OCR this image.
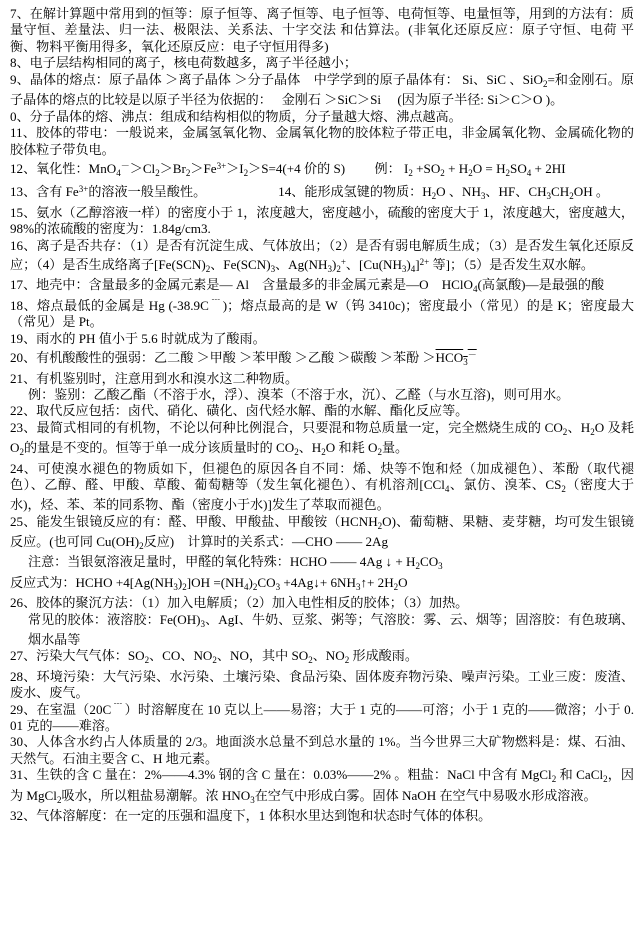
7、在解计算题中常用到的恒等：原子恒等、离子恒等、电子恒等、电荷恒等、电量恒等，用到的方法有：质量守恒、差量法、归一法、极限法、关系法、十字交法 和估算法。(非氧化还原反应：原子守恒、电荷 平衡、物料平衡用得多，氧化还原反应：电子守恒用得多)

8、电子层结构相同的离子，核电荷数越多，离子半径越小；

9、晶体的熔点：原子晶体 ＞离子晶体 ＞分子晶体　中学学到的原子晶体有： Si、SiC 、SiO$_2$=和金刚石。原子晶体的熔点的比较是以原子半径为依据的：　 金刚石 ＞SiC＞Si 　(因为原子半径: Si＞C＞O )。

0、分子晶体的熔、沸点：组成和结构相似的物质，分子量越大熔、沸点越高。

11、胶体的带电：一般说来，金属氢氧化物、金属氧化物的胶体粒子带正电，非金属氧化物、金属硫化物的胶体粒子带负电。

12、氧化性：$MnO_4^->Cl_2>Br_2>Fe^{3+}>I_2>S=4(+4$ 价的 S) 　　例： $I_2 +SO_2 + H_2O = H_2SO_4 + 2HI$

13、含有 $Fe^{3+}$的溶液一般呈酸性。　　　　　　14、能形成氢键的物质：$H_2O$ 、$NH_3$、HF、$CH_3CH_2OH$ 。

15、氨水（乙醇溶液一样）的密度小于 1，浓度越大，密度越小，硫酸的密度大于 1，浓度越大，密度越大，98%的浓硫酸的密度为：1.84g/cm3.

16、离子是否共存：（1）是否有沉淀生成、气体放出；（2）是否有弱电解质生成；（3）是否发生氧化还原反应；（4）是否生成络离子[$Fe(SCN)_2$、$Fe(SCN)_3$、$Ag(NH_3)_2^+$、$[Cu(NH_3)_4]^{2+}$ 等]；（5）是否发生双水解。

17、地壳中：含量最多的金属元素是— Al　含量最多的非金属元素是—O　HClO$_4$(高氯酸)—是最强的酸

18、熔点最低的金属是 Hg (-38.9C﹉)；熔点最高的是 W（钨 3410c)；密度最小（常见）的是 K；密度最大（常见）是 Pt。

19、雨水的 PH 值小于 5.6 时就成为了酸雨。

20、有机酸酸性的强弱：乙二酸 ＞甲酸 ＞苯甲酸 ＞乙酸 ＞碳酸 ＞苯酚 $>HCO_3^-$

21、有机鉴别时，注意用到水和溴水这二种物质。

例：鉴别：乙酸乙酯（不溶于水，浮）、溴苯（不溶于水，沉）、乙醛（与水互溶)，则可用水。

22、取代反应包括：卤代、硝化、磺化、卤代烃水解、酯的水解、酯化反应等。

23、最简式相同的有机物，不论以何种比例混合，只要混和物总质量一定，完全燃烧生成的 $CO_2$、$H_2O$ 及耗 $O_2$的量是不变的。恒等于单一成分该质量时的 $CO_2$、$H_2O$ 和耗 $O_2$量。

24、可使溴水褪色的物质如下，但褪色的原因各自不同：烯、炔等不饱和烃（加成褪色）、苯酚（取代褪色）、乙醇、醛、甲酸、草酸、葡萄糖等（发生氧化褪色）、有机溶剂[CCl$_4$、氯仿、溴苯、$CS_2$（密度大于水)，烃、苯、苯的同系物、酯（密度小于水)]发生了萃取而褪色。

25、能发生银镜反应的有：醛、甲酸、甲酸盐、甲酸铵$(HCNH_2O)$、葡萄糖、果糖、麦芽糖，均可发生银镜反应。(也可同 $Cu(OH)_2$反应)　计算时的关系式：—CHO —— 2Ag

注意：当银氨溶液足量时，甲醛的氧化特殊：HCHO —— 4Ag ↓ + $H_2CO_3$

反应式为：HCHO $+4[Ag(NH_3)_2]OH =(NH_4)_2CO_3$ +4Ag↓+ $6NH_3↑+ 2H_2O$

26、胶体的聚沉方法：（1）加入电解质；（2）加入电性相反的胶体；（3）加热。

常见的胶体：液溶胶：$Fe(OH)_3$、AgI、牛奶、豆浆、粥等；气溶胶：雾、云、烟等；固溶胶：有色玻璃、烟水晶等

27、污染大气气体：$SO_2$、CO、$NO_2$、NO，其中 $SO_2$、$NO_2$ 形成酸雨。

28、环境污染：大气污染、水污染、土壤污染、食品污染、固体废弃物污染、噪声污染。工业三废：废渣、废水、废气。

29、在室温（20C﹉）时溶解度在 10 克以上——易溶；大于 1 克的——可溶；小于 1 克的——微溶；小于 0.01 克的——难溶。

30、人体含水约占人体质量的 2/3。地面淡水总量不到总水量的 1%。当今世界三大矿物燃料是：煤、石油、天然气。石油主要含 C、H 地元素。

31、生铁的含 C 量在：2%——4.3% 钢的含 C 量在：0.03%——2% 。粗盐：NaCl 中含有 MgCl$_2$ 和 CaCl$_2$，因为 MgCl$_2$吸水，所以粗盐易潮解。浓 $HNO_3$在空气中形成白雾。固体 NaOH 在空气中易吸水形成溶液。

32、气体溶解度：在一定的压强和温度下，1 体积水里达到饱和状态时气体的体积。
